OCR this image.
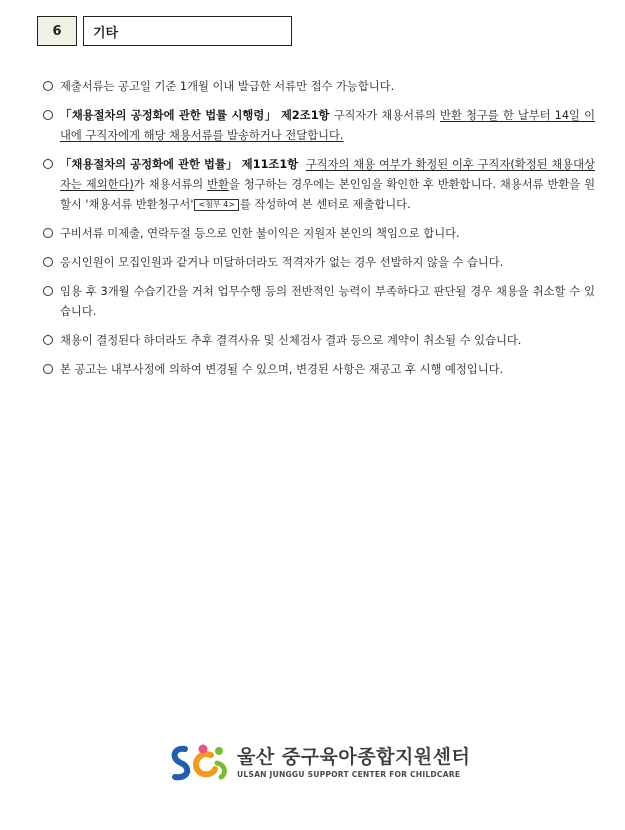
6	기타
제출서류는 공고일 기준 1개월 이내 발급한 서류만 접수 가능합니다.
「채용절차의 공정화에 관한 법률 시행령」 제2조1항 구직자가 채용서류의 반환 청구를 한 날부터 14일 이내에 구직자에게 해당 채용서류를 발송하거나 전달합니다.
「채용절차의 공정화에 관한 법률」 제11조1항 구직자의 채용 여부가 확정된 이후 구직자(확정된 채용대상자는 제외한다)가 채용서류의 반환을 청구하는 경우에는 본인임을 확인한 후 반환합니다. 채용서류 반환을 원할시 '채용서류 반환청구서' <첨부 4> 를 작성하여 본 센터로 제출합니다.
구비서류 미제출, 연락두절 등으로 인한 불이익은 지원자 본인의 책임으로 합니다.
응시인원이 모집인원과 같거나 미달하더라도 적격자가 없는 경우 선발하지 않을 수 습니다.
임용 후 3개월 수습기간을 거쳐 업무수행 등의 전반적인 능력이 부족하다고 판단될 경우 채용을 취소할 수 있습니다.
채용이 결정된다 하더라도 추후 결격사유 및 신체검사 결과 등으로 계약이 취소될 수 있습니다.
본 공고는 내부사정에 의하여 변경될 수 있으며, 변경된 사항은 재공고 후 시행 예정입니다.
울산 중구육아종합지원센터
ULSAN JUNGGU SUPPORT CENTER FOR CHILDCARE
